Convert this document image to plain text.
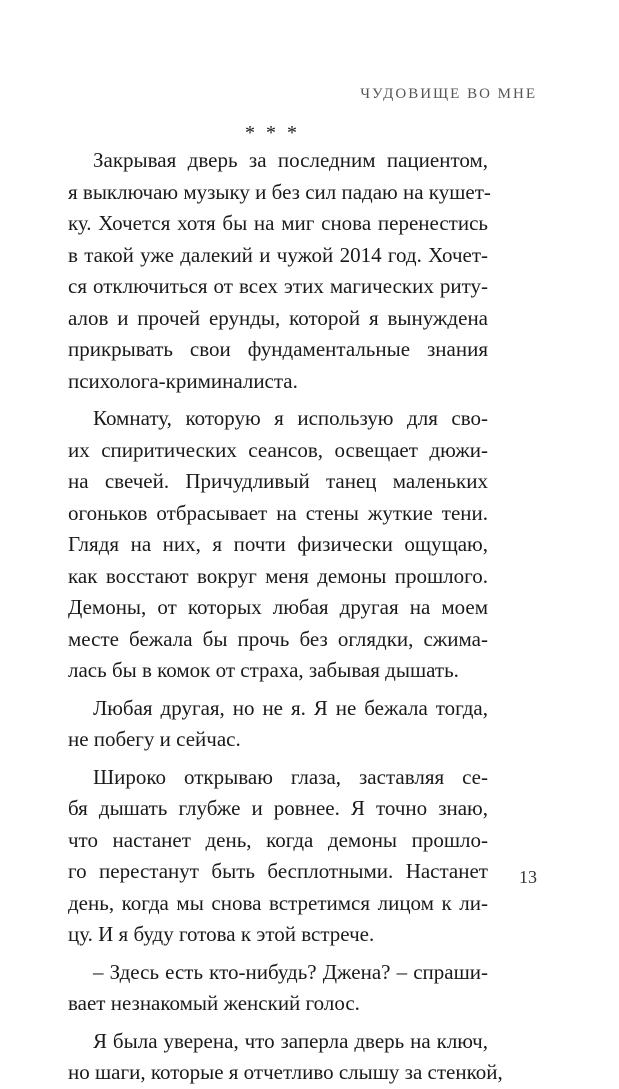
ЧУДОВИЩЕ ВО МНЕ
* * *
Закрывая дверь за последним пациентом,
я выключаю музыку и без сил падаю на кушет-
ку. Хочется хотя бы на миг снова перенестись
в такой уже далекий и чужой 2014 год. Хочет-
ся отключиться от всех этих магических риту-
алов и прочей ерунды, которой я вынуждена
прикрывать свои фундаментальные знания
психолога-криминалиста.
Комнату, которую я использую для сво-
их спиритических сеансов, освещает дюжи-
на свечей. Причудливый танец маленьких
огоньков отбрасывает на стены жуткие тени.
Глядя на них, я почти физически ощущаю,
как восстают вокруг меня демоны прошлого.
Демоны, от которых любая другая на моем
месте бежала бы прочь без оглядки, сжима-
лась бы в комок от страха, забывая дышать.
Любая другая, но не я. Я не бежала тогда,
не побегу и сейчас.
Широко открываю глаза, заставляя се-
бя дышать глубже и ровнее. Я точно знаю,
что настанет день, когда демоны прошло-
го перестанут быть бесплотными. Настанет
день, когда мы снова встретимся лицом к ли-
цу. И я буду готова к этой встрече.
– Здесь есть кто-нибудь? Джена? – спраши-
вает незнакомый женский голос.
Я была уверена, что заперла дверь на ключ,
но шаги, которые я отчетливо слышу за стенкой,
13
